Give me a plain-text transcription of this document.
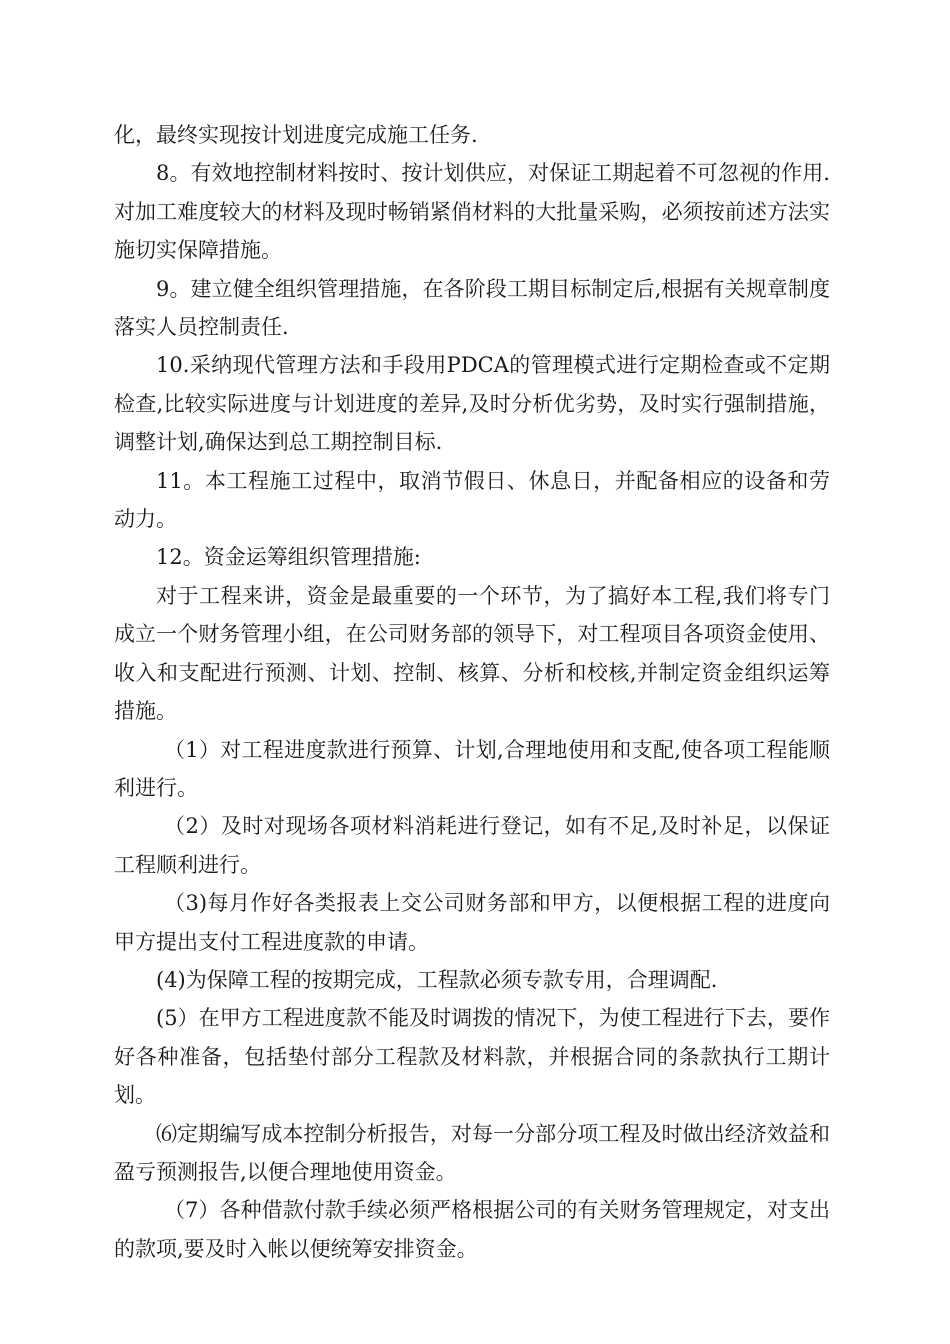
化，最终实现按计划进度完成施工任务.

8。有效地控制材料按时、按计划供应，对保证工期起着不可忽视的作用.对加工难度较大的材料及现时畅销紧俏材料的大批量采购，必须按前述方法实施切实保障措施。

9。建立健全组织管理措施，在各阶段工期目标制定后,根据有关规章制度落实人员控制责任.

10.采纳现代管理方法和手段用PDCA的管理模式进行定期检查或不定期检查,比较实际进度与计划进度的差异,及时分析优劣势，及时实行强制措施，调整计划,确保达到总工期控制目标.

11。本工程施工过程中，取消节假日、休息日，并配备相应的设备和劳动力。

12。资金运筹组织管理措施:

对于工程来讲，资金是最重要的一个环节，为了搞好本工程,我们将专门成立一个财务管理小组，在公司财务部的领导下，对工程项目各项资金使用、收入和支配进行预测、计划、控制、核算、分析和校核,并制定资金组织运筹措施。

（1）对工程进度款进行预算、计划,合理地使用和支配,使各项工程能顺利进行。

（2）及时对现场各项材料消耗进行登记，如有不足,及时补足，以保证工程顺利进行。

（3)每月作好各类报表上交公司财务部和甲方，以便根据工程的进度向甲方提出支付工程进度款的申请。

(4)为保障工程的按期完成，工程款必须专款专用，合理调配.

(5）在甲方工程进度款不能及时调拨的情况下，为使工程进行下去，要作好各种准备，包括垫付部分工程款及材料款，并根据合同的条款执行工期计划。

⑹定期编写成本控制分析报告，对每一分部分项工程及时做出经济效益和盈亏预测报告,以便合理地使用资金。

（7）各种借款付款手续必须严格根据公司的有关财务管理规定，对支出的款项,要及时入帐以便统筹安排资金。
